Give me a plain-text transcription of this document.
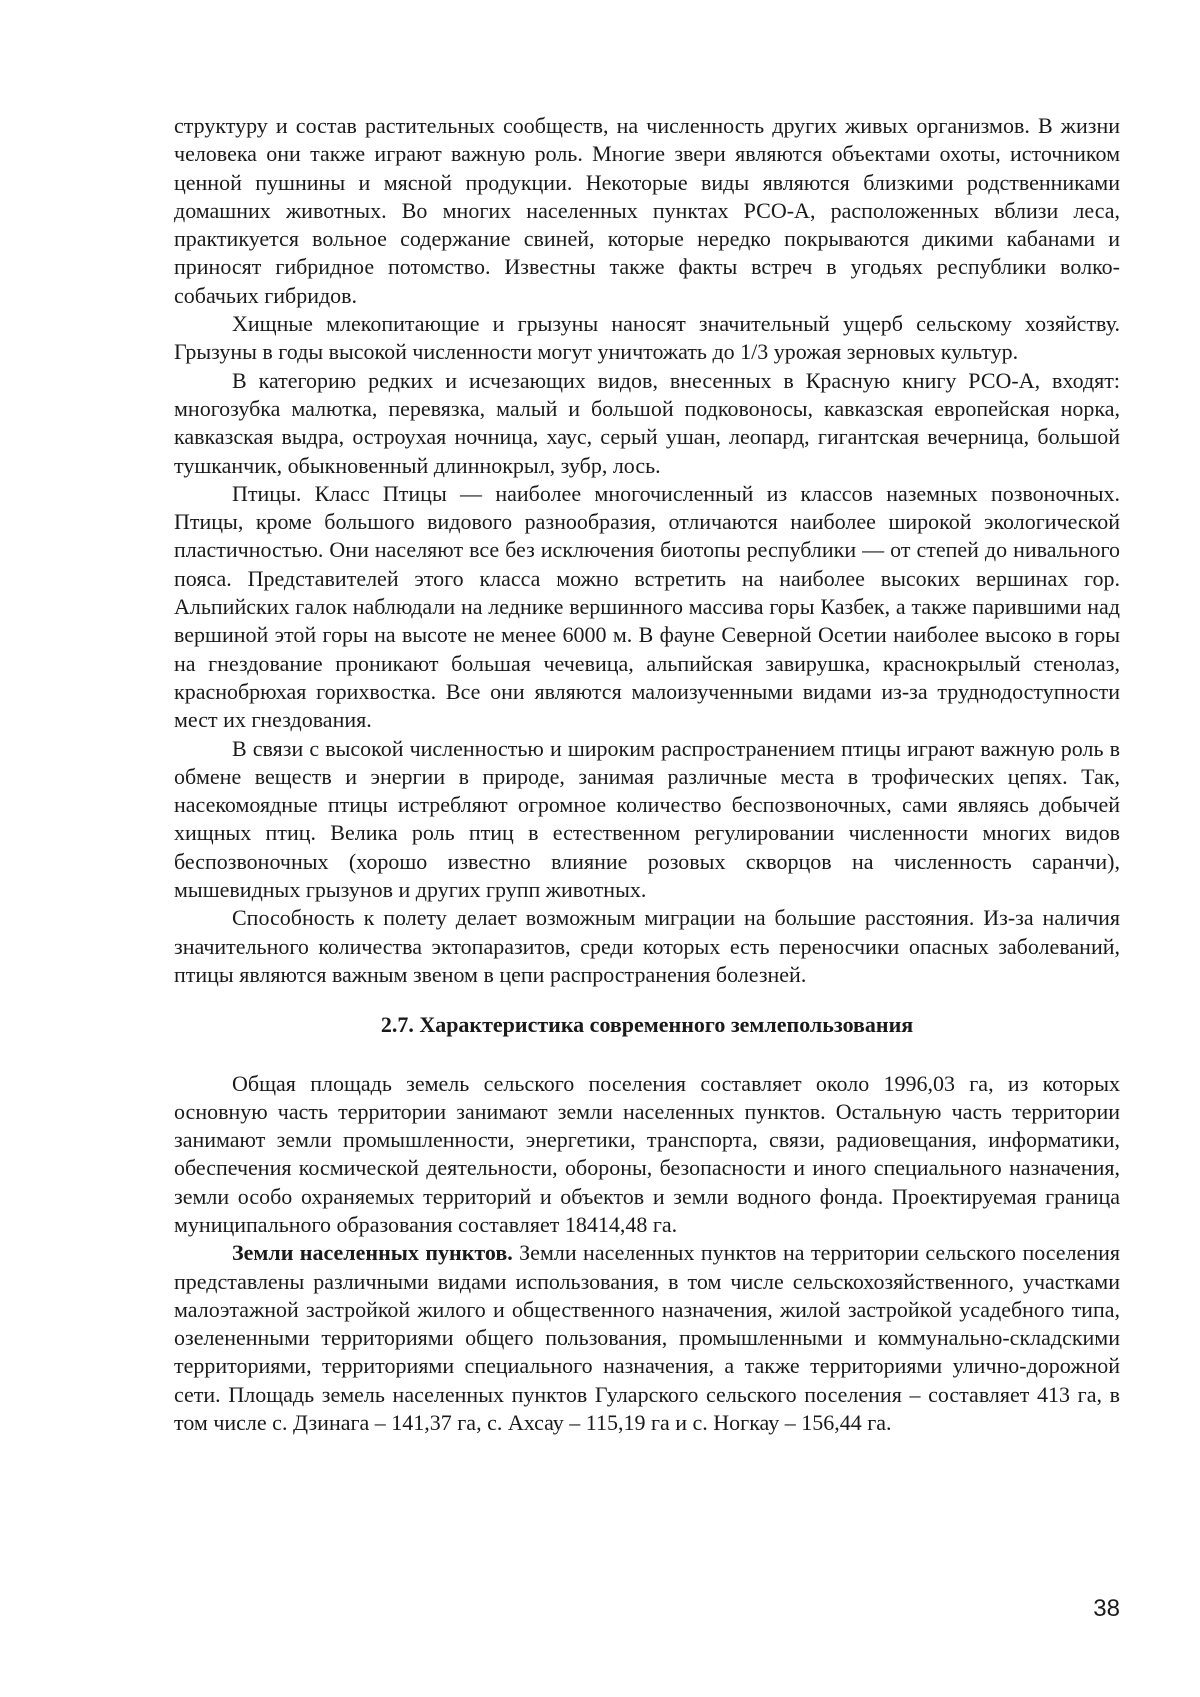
структуру и состав растительных сообществ, на численность других живых организмов. В жизни человека они также играют важную роль. Многие звери являются объектами охоты, источником ценной пушнины и мясной продукции. Некоторые виды являются близкими родственниками домашних животных. Во многих населенных пунктах РСО-А, расположенных вблизи леса, практикуется вольное содержание свиней, которые нередко покрываются дикими кабанами и приносят гибридное потомство. Известны также факты встреч в угодьях республики волко-собачьих гибридов.

Хищные млекопитающие и грызуны наносят значительный ущерб сельскому хозяйству. Грызуны в годы высокой численности могут уничтожать до 1/3 урожая зерновых культур.

В категорию редких и исчезающих видов, внесенных в Красную книгу РСО-А, входят: многозубка малютка, перевязка, малый и большой подковоносы, кавказская европейская норка, кавказская выдра, остроухая ночница, хаус, серый ушан, леопард, гигантская вечерница, большой тушканчик, обыкновенный длиннокрыл, зубр, лось.

Птицы. Класс Птицы — наиболее многочисленный из классов наземных позвоночных. Птицы, кроме большого видового разнообразия, отличаются наиболее широкой экологической пластичностью. Они населяют все без исключения биотопы республики — от степей до нивального пояса. Представителей этого класса можно встретить на наиболее высоких вершинах гор. Альпийских галок наблюдали на леднике вершинного массива горы Казбек, а также парившими над вершиной этой горы на высоте не менее 6000 м. В фауне Северной Осетии наиболее высоко в горы на гнездование проникают большая чечевица, альпийская завирушка, краснокрылый стенолаз, краснобрюхая горихвостка. Все они являются малоизученными видами из-за труднодоступности мест их гнездования.

В связи с высокой численностью и широким распространением птицы играют важную роль в обмене веществ и энергии в природе, занимая различные места в трофических цепях. Так, насекомоядные птицы истребляют огромное количество беспозвоночных, сами являясь добычей хищных птиц. Велика роль птиц в естественном регулировании численности многих видов беспозвоночных (хорошо известно влияние розовых скворцов на численность саранчи), мышевидных грызунов и других групп животных.

Способность к полету делает возможным миграции на большие расстояния. Из-за наличия значительного количества эктопаразитов, среди которых есть переносчики опасных заболеваний, птицы являются важным звеном в цепи распространения болезней.

2.7. Характеристика современного землепользования

Общая площадь земель сельского поселения составляет около 1996,03 га, из которых основную часть территории занимают земли населенных пунктов. Остальную часть территории занимают земли промышленности, энергетики, транспорта, связи, радиовещания, информатики, обеспечения космической деятельности, обороны, безопасности и иного специального назначения, земли особо охраняемых территорий и объектов и земли водного фонда. Проектируемая граница муниципального образования составляет 18414,48 га.

Земли населенных пунктов. Земли населенных пунктов на территории сельского поселения представлены различными видами использования, в том числе сельскохозяйственного, участками малоэтажной застройкой жилого и общественного назначения, жилой застройкой усадебного типа, озелененными территориями общего пользования, промышленными и коммунально-складскими территориями, территориями специального назначения, а также территориями улично-дорожной сети. Площадь земель населенных пунктов Гуларского сельского поселения – составляет 413 га, в том числе с. Дзинага – 141,37 га, с. Ахсау – 115,19 га и с. Ногкау – 156,44 га.

38
